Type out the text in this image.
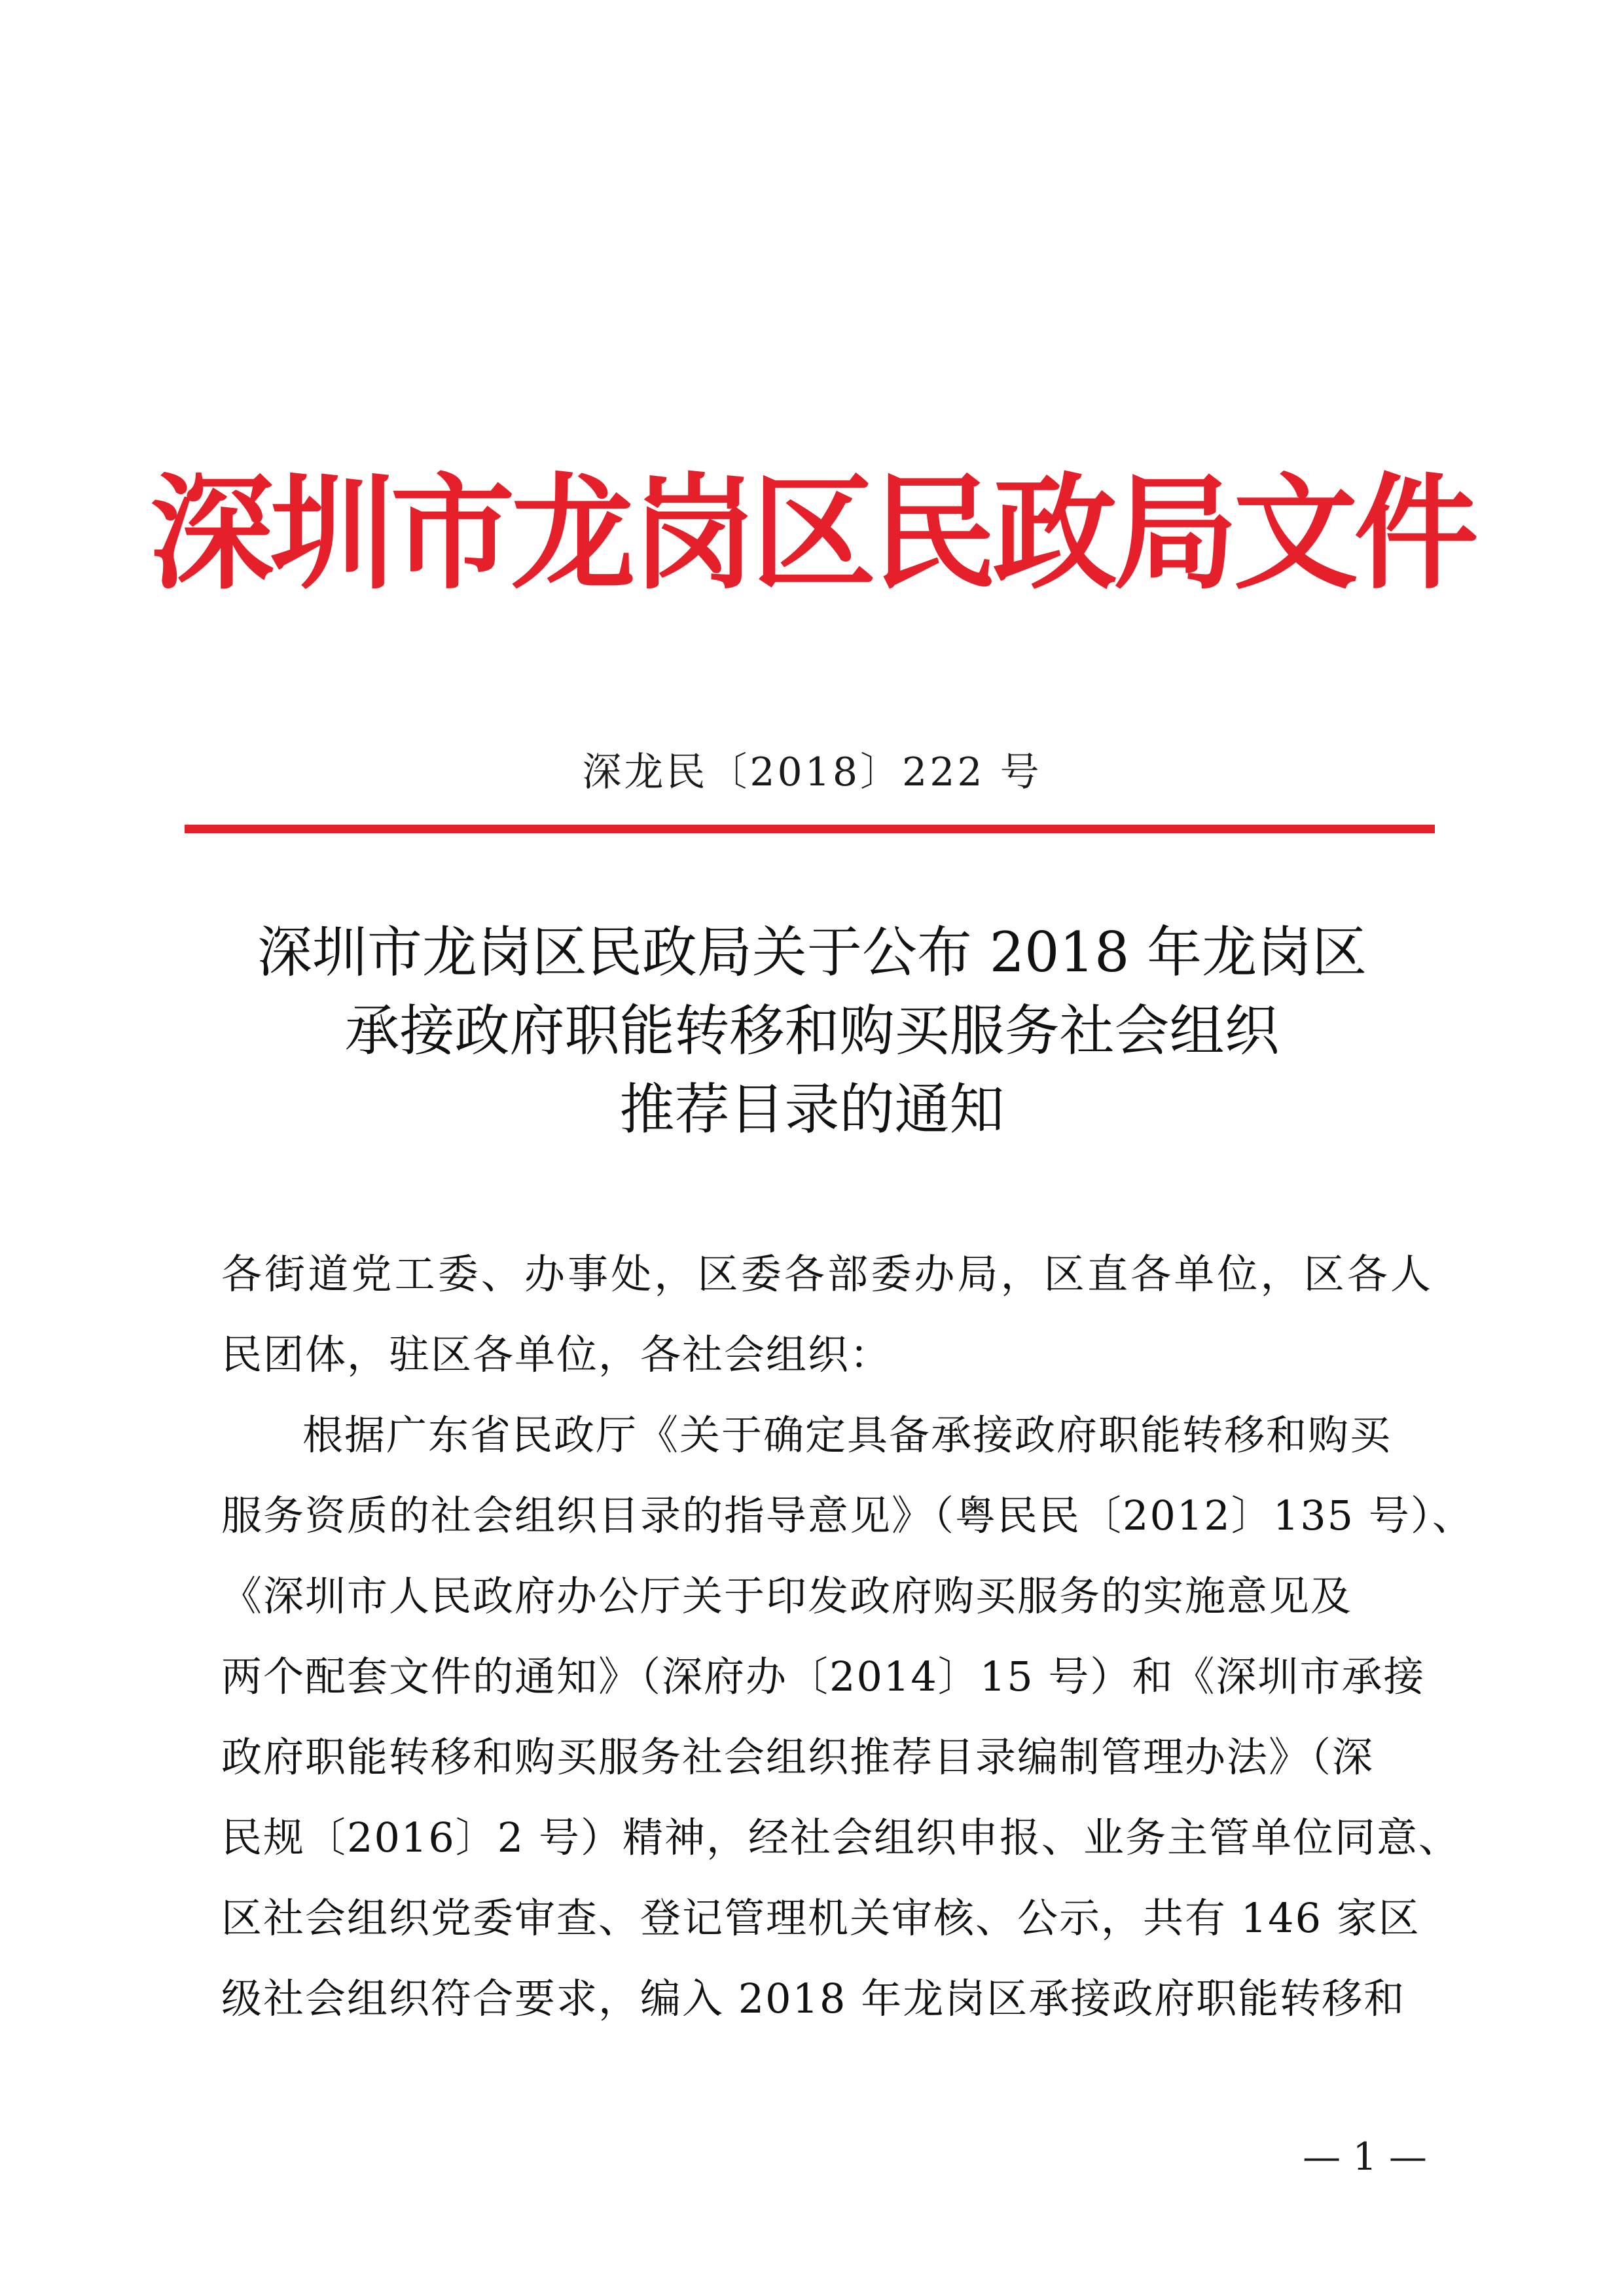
深圳市龙岗区民政局文件
深龙民〔2018〕222 号
深圳市龙岗区民政局关于公布 2018 年龙岗区
承接政府职能转移和购买服务社会组织
推荐目录的通知
各街道党工委、办事处，区委各部委办局，区直各单位，区各人
民团体，驻区各单位，各社会组织：
根据广东省民政厅《关于确定具备承接政府职能转移和购买
服务资质的社会组织目录的指导意见》（粤民民〔2012〕135 号）、
《深圳市人民政府办公厅关于印发政府购买服务的实施意见及
两个配套文件的通知》（深府办〔2014〕15 号）和《深圳市承接
政府职能转移和购买服务社会组织推荐目录编制管理办法》（深
民规〔2016〕2 号）精神，经社会组织申报、业务主管单位同意、
区社会组织党委审查、登记管理机关审核、公示，共有 146 家区
级社会组织符合要求，编入 2018 年龙岗区承接政府职能转移和
— 1 —
